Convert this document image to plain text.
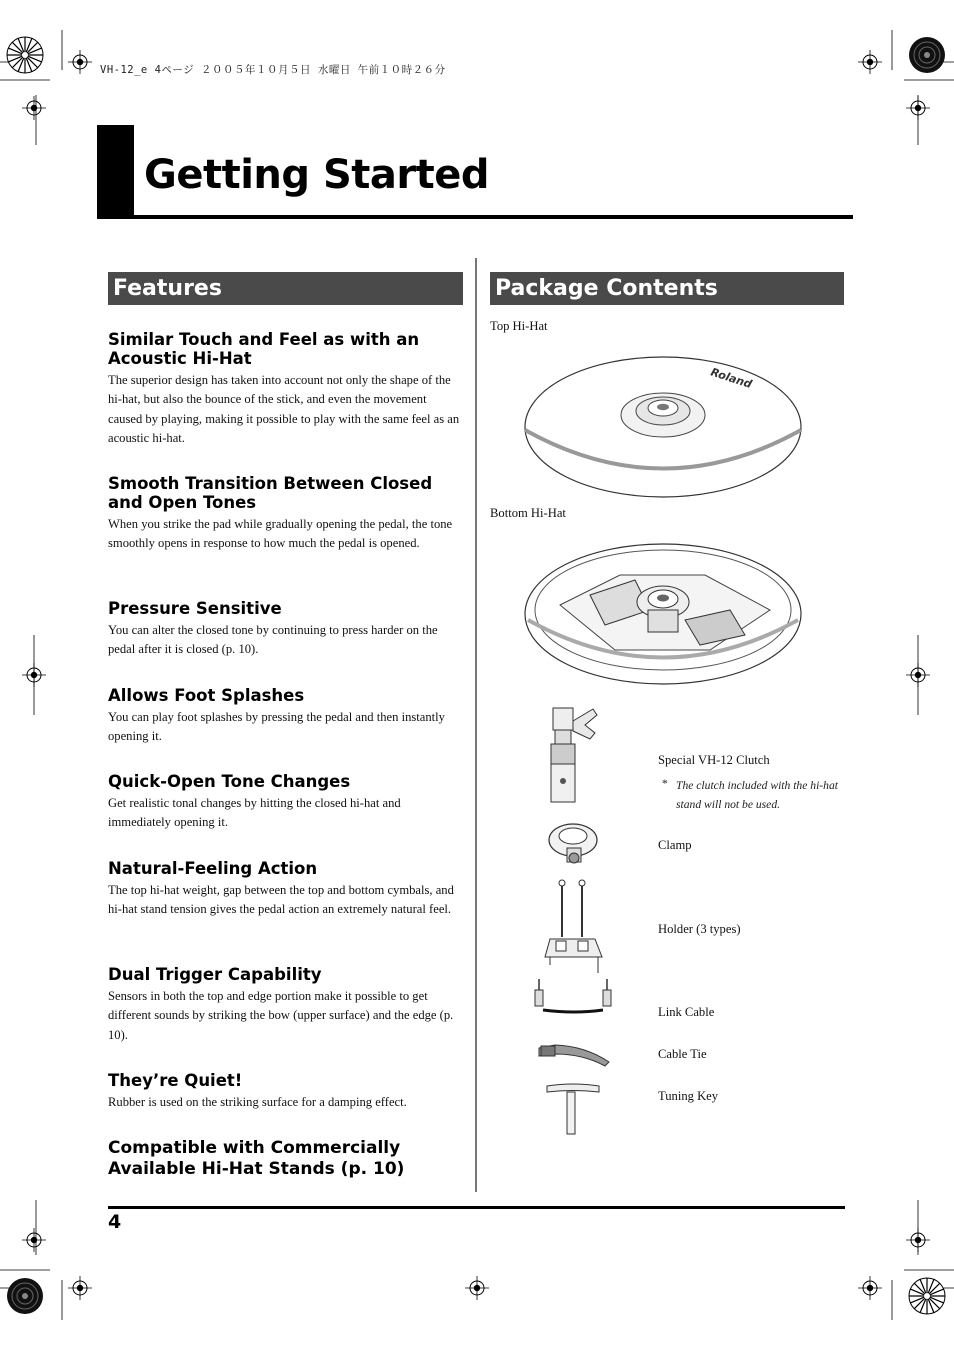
VH-12_e 4ページ ２００５年１０月５日 水曜日 午前１０時２６分
Getting Started
Features
Similar Touch and Feel as with an Acoustic Hi-Hat

The superior design has taken into account not only the shape of the hi-hat, but also the bounce of the stick, and even the movement caused by playing, making it possible to play with the same feel as an acoustic hi-hat.

Smooth Transition Between Closed and Open Tones

When you strike the pad while gradually opening the pedal, the tone smoothly opens in response to how much the pedal is opened.

Pressure Sensitive

You can alter the closed tone by continuing to press harder on the pedal after it is closed (p. 10).

Allows Foot Splashes

You can play foot splashes by pressing the pedal and then instantly opening it.

Quick-Open Tone Changes

Get realistic tonal changes by hitting the closed hi-hat and immediately opening it.

Natural-Feeling Action

The top hi-hat weight, gap between the top and bottom cymbals, and hi-hat stand tension gives the pedal action an extremely natural feel.

Dual Trigger Capability

Sensors in both the top and edge portion make it possible to get different sounds by striking the bow (upper surface) and the edge (p. 10).

They’re Quiet!

Rubber is used on the striking surface for a damping effect.

Compatible with Commercially Available Hi-Hat Stands (p. 10)
Package Contents
Top Hi-Hat
Roland
Bottom Hi-Hat
Special VH-12 Clutch
* The clutch included with the hi-hat stand will not be used.
Clamp
Holder (3 types)
Link Cable
Cable Tie
Tuning Key
4
